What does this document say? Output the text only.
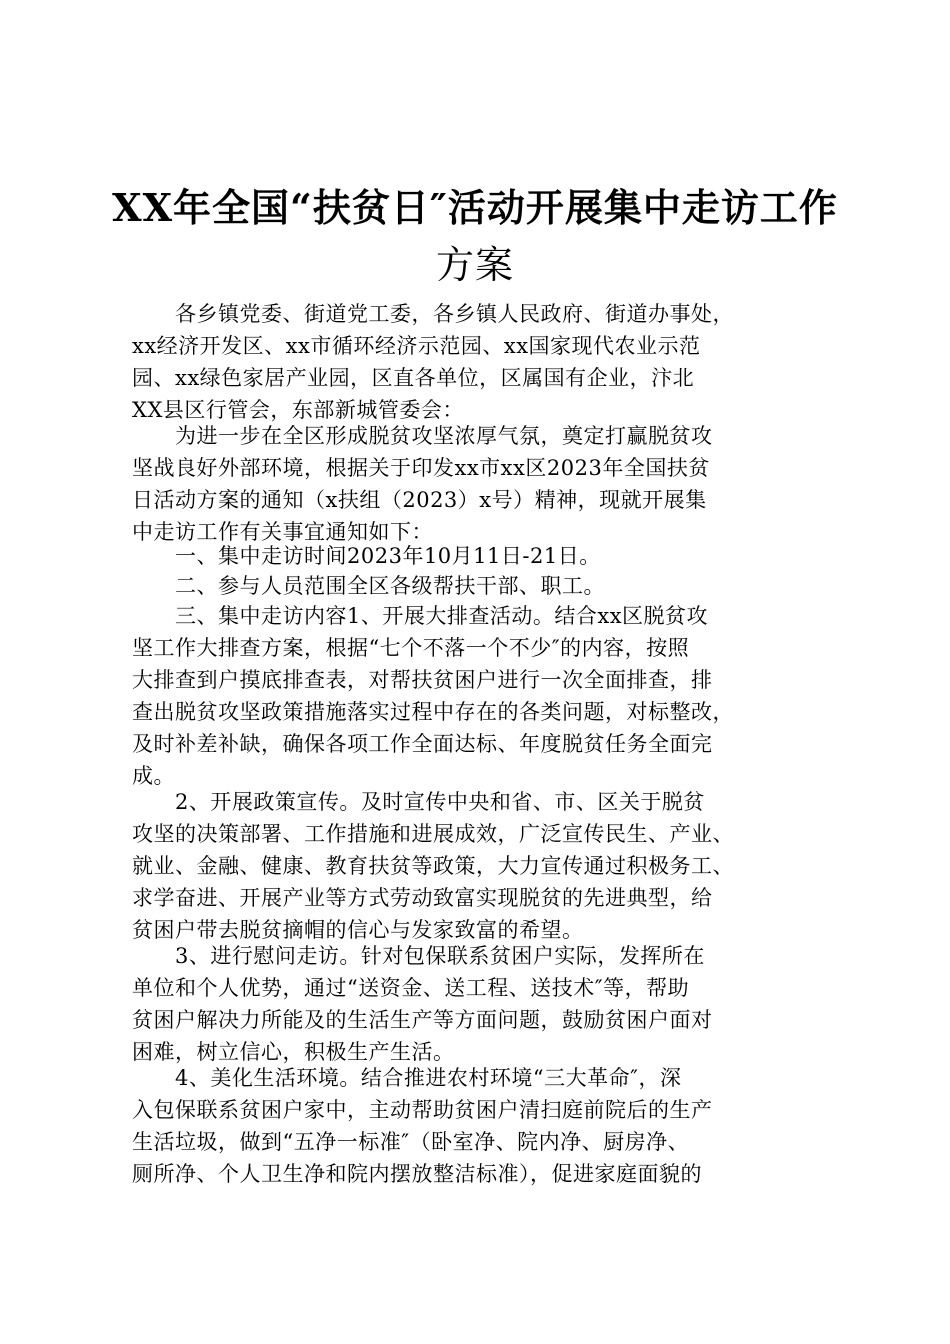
XX年全国“扶贫日″活动开展集中走访工作
方案
　　各乡镇党委、街道党工委，各乡镇人民政府、街道办事处，
xx经济开发区、xx市循环经济示范园、xx国家现代农业示范
园、xx绿色家居产业园，区直各单位，区属国有企业，汴北
XX县区行管会，东部新城管委会：
　　为进一步在全区形成脱贫攻坚浓厚气氛，奠定打赢脱贫攻
坚战良好外部环境，根据关于印发xx市xx区2023年全国扶贫
日活动方案的通知（x扶组（2023）x号）精神，现就开展集
中走访工作有关事宜通知如下：
　　一、集中走访时间2023年10月11日-21日。
　　二、参与人员范围全区各级帮扶干部、职工。
　　三、集中走访内容1、开展大排查活动。结合xx区脱贫攻
坚工作大排查方案，根据“七个不落一个不少″的内容，按照
大排查到户摸底排查表，对帮扶贫困户进行一次全面排查，排
查出脱贫攻坚政策措施落实过程中存在的各类问题，对标整改，
及时补差补缺，确保各项工作全面达标、年度脱贫任务全面完
成。
　　2、开展政策宣传。及时宣传中央和省、市、区关于脱贫
攻坚的决策部署、工作措施和进展成效，广泛宣传民生、产业、
就业、金融、健康、教育扶贫等政策，大力宣传通过积极务工、
求学奋进、开展产业等方式劳动致富实现脱贫的先进典型，给
贫困户带去脱贫摘帽的信心与发家致富的希望。
　　3、进行慰问走访。针对包保联系贫困户实际，发挥所在
单位和个人优势，通过“送资金、送工程、送技术″等，帮助
贫困户解决力所能及的生活生产等方面问题，鼓励贫困户面对
困难，树立信心，积极生产生活。
　　4、美化生活环境。结合推进农村环境“三大革命″，深
入包保联系贫困户家中，主动帮助贫困户清扫庭前院后的生产
生活垃圾，做到“五净一标准″（卧室净、院内净、厨房净、
厕所净、个人卫生净和院内摆放整洁标准），促进家庭面貌的
